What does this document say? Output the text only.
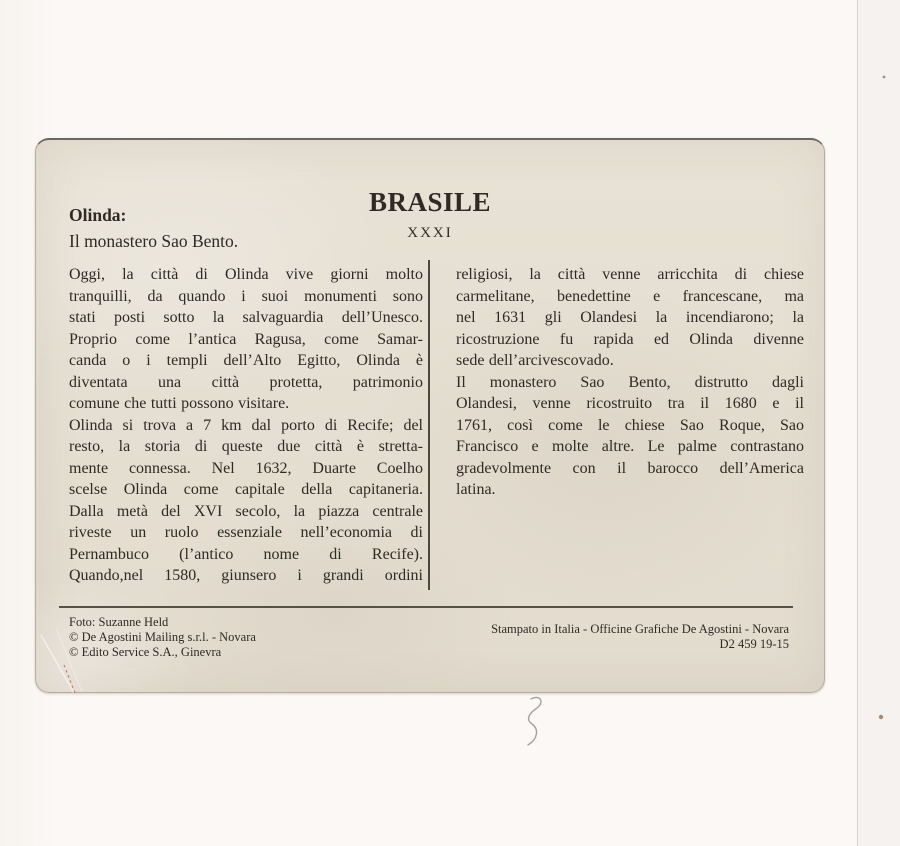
BRASILE
XXXI
Olinda:
Il monastero Sao Bento.
Oggi, la città di Olinda vive giorni molto
tranquilli, da quando i suoi monumenti sono
stati posti sotto la salvaguardia dell’Unesco.
Proprio come l’antica Ragusa, come Samar-
canda o i templi dell’Alto Egitto, Olinda è
diventata una città protetta, patrimonio
comune che tutti possono visitare.
Olinda si trova a 7 km dal porto di Recife; del
resto, la storia di queste due città è stretta-
mente connessa. Nel 1632, Duarte Coelho
scelse Olinda come capitale della capitaneria.
Dalla metà del XVI secolo, la piazza centrale
riveste un ruolo essenziale nell’economia di
Pernambuco (l’antico nome di Recife).
Quando,nel 1580, giunsero i grandi ordini
religiosi, la città venne arricchita di chiese
carmelitane, benedettine e francescane, ma
nel 1631 gli Olandesi la incendiarono; la
ricostruzione fu rapida ed Olinda divenne
sede dell’arcivescovado.
Il monastero Sao Bento, distrutto dagli
Olandesi, venne ricostruito tra il 1680 e il
1761, così come le chiese Sao Roque, Sao
Francisco e molte altre. Le palme contrastano
gradevolmente con il barocco dell’America
latina.
Foto: Suzanne Held
© De Agostini Mailing s.r.l. - Novara
© Edito Service S.A., Ginevra
Stampato in Italia - Officine Grafiche De Agostini - Novara
D2 459 19-15
